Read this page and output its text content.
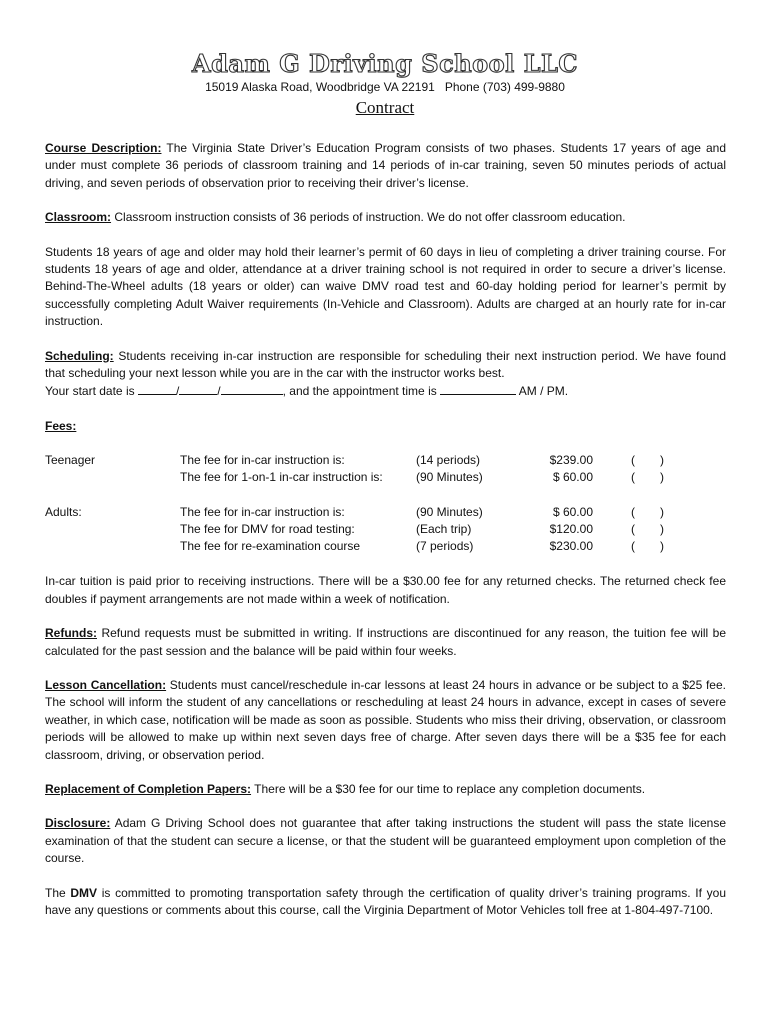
Adam G Driving School LLC
15019 Alaska Road, Woodbridge VA 22191 Phone (703) 499-9880
Contract

Course Description: The Virginia State Driver’s Education Program consists of two phases. Students 17 years of age and under must complete 36 periods of classroom training and 14 periods of in-car training, seven 50 minutes periods of actual driving, and seven periods of observation prior to receiving their driver’s license.

Classroom: Classroom instruction consists of 36 periods of instruction. We do not offer classroom education.

Students 18 years of age and older may hold their learner’s permit of 60 days in lieu of completing a driver training course. For students 18 years of age and older, attendance at a driver training school is not required in order to secure a driver’s license. Behind-The-Wheel adults (18 years or older) can waive DMV road test and 60-day holding period for learner’s permit by successfully completing Adult Waiver requirements (In-Vehicle and Classroom). Adults are charged at an hourly rate for in-car instruction.

Scheduling: Students receiving in-car instruction are responsible for scheduling their next instruction period. We have found that scheduling your next lesson while you are in the car with the instructor works best.
Your start date is	/	/	, and the appointment time is	AM / PM.

Fees:

Teenager	The fee for in-car instruction is:	(14 periods)	$239.00	( )
The fee for 1-on-1 in-car instruction is:	(90 Minutes)	$ 60.00	( )
Adults:	The fee for in-car instruction is:	(90 Minutes)	$ 60.00	( )
The fee for DMV for road testing:	(Each trip)	$120.00	( )
The fee for re-examination course	(7 periods)	$230.00	( )

In-car tuition is paid prior to receiving instructions. There will be a $30.00 fee for any returned checks. The returned check fee doubles if payment arrangements are not made within a week of notification.

Refunds: Refund requests must be submitted in writing. If instructions are discontinued for any reason, the tuition fee will be calculated for the past session and the balance will be paid within four weeks.

Lesson Cancellation: Students must cancel/reschedule in-car lessons at least 24 hours in advance or be subject to a $25 fee. The school will inform the student of any cancellations or rescheduling at least 24 hours in advance, except in cases of severe weather, in which case, notification will be made as soon as possible. Students who miss their driving, observation, or classroom periods will be allowed to make up within next seven days free of charge. After seven days there will be a $35 fee for each classroom, driving, or observation period.

Replacement of Completion Papers: There will be a $30 fee for our time to replace any completion documents.

Disclosure: Adam G Driving School does not guarantee that after taking instructions the student will pass the state license examination of that the student can secure a license, or that the student will be guaranteed employment upon completion of the course.

The DMV is committed to promoting transportation safety through the certification of quality driver’s training programs. If you have any questions or comments about this course, call the Virginia Department of Motor Vehicles toll free at 1-804-497-7100.
